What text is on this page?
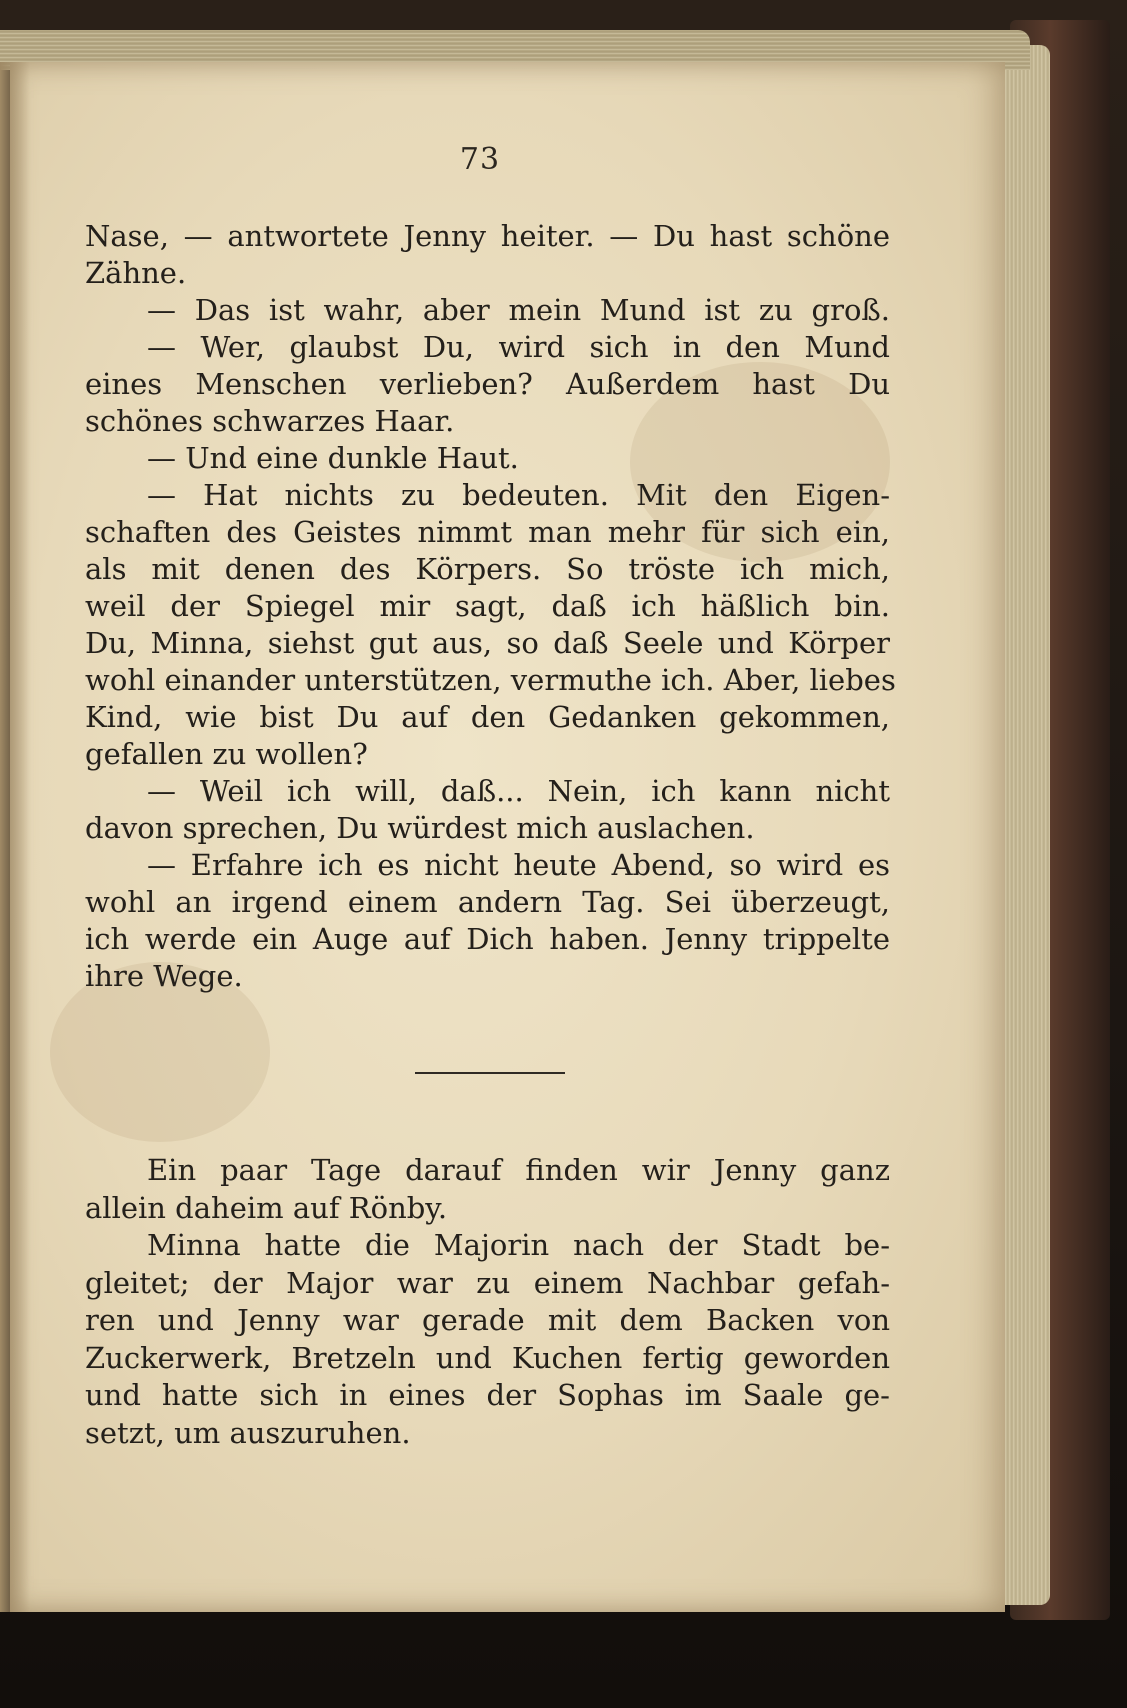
73
Nase, — antwortete Jenny heiter. — Du hast schöne
Zähne.
— Das ist wahr, aber mein Mund ist zu groß.
— Wer, glaubst Du, wird sich in den Mund
eines Menschen verlieben? Außerdem hast Du
schönes schwarzes Haar.
— Und eine dunkle Haut.
— Hat nichts zu bedeuten. Mit den Eigen-
schaften des Geistes nimmt man mehr für sich ein,
als mit denen des Körpers. So tröste ich mich,
weil der Spiegel mir sagt, daß ich häßlich bin.
Du, Minna, siehst gut aus, so daß Seele und Körper
wohl einander unterstützen, vermuthe ich. Aber, liebes
Kind, wie bist Du auf den Gedanken gekommen,
gefallen zu wollen?
— Weil ich will, daß... Nein, ich kann nicht
davon sprechen, Du würdest mich auslachen.
— Erfahre ich es nicht heute Abend, so wird es
wohl an irgend einem andern Tag. Sei überzeugt,
ich werde ein Auge auf Dich haben. Jenny trippelte
ihre Wege.
Ein paar Tage darauf finden wir Jenny ganz
allein daheim auf Rönby.
Minna hatte die Majorin nach der Stadt be-
gleitet; der Major war zu einem Nachbar gefah-
ren und Jenny war gerade mit dem Backen von
Zuckerwerk, Bretzeln und Kuchen fertig geworden
und hatte sich in eines der Sophas im Saale ge-
setzt, um auszuruhen.
